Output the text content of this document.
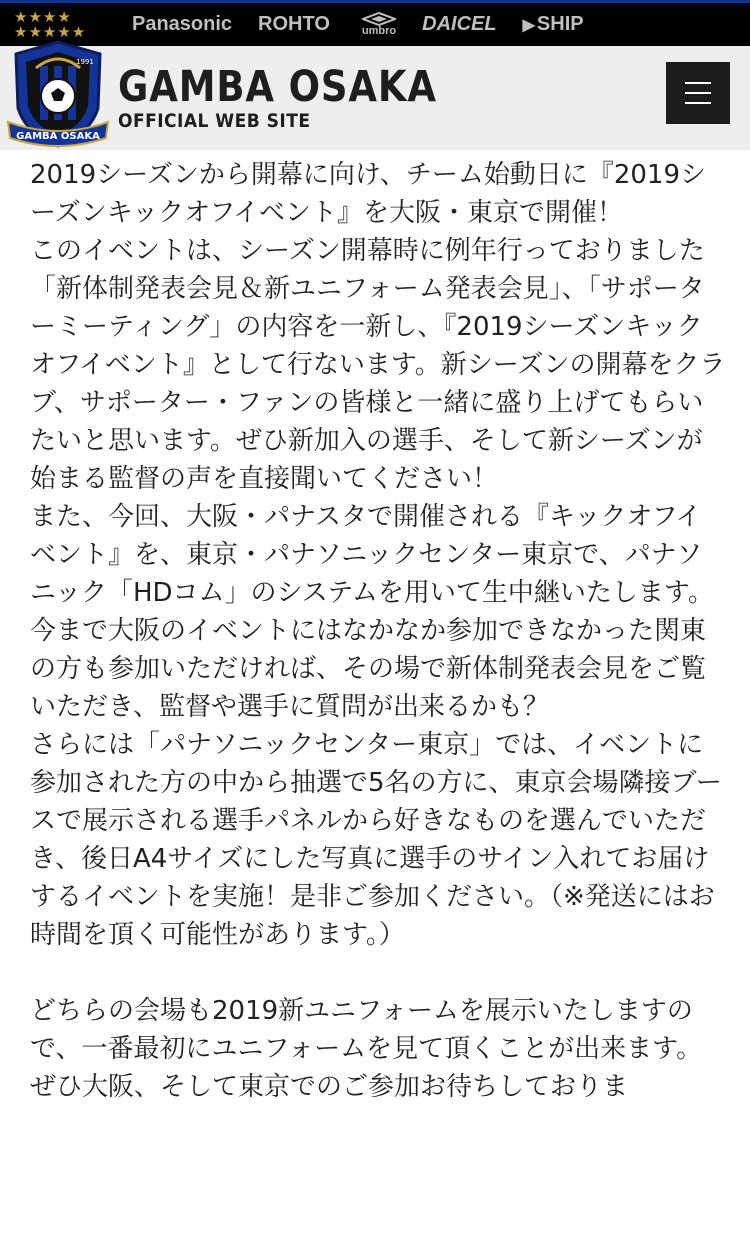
★★★★
★★★★★	Panasonic ROHTO	umbro DAICEL ▶ SHIP
GAMBA OSAKA
1991 GAMBA OSAKA
OFFICIAL WEB SITE

2019シーズンから開幕に向け、チーム始動日に『2019シーズンキックオフイベント』を大阪・東京で開催！

このイベントは、シーズン開幕時に例年行っておりました「新体制発表会見＆新ユニフォーム発表会見」、「サポーターミーティング」の内容を一新し、『2019シーズンキックオフイベント』として行ないます。新シーズンの開幕をクラブ、サポーター・ファンの皆様と一緒に盛り上げてもらいたいと思います。ぜひ新加入の選手、そして新シーズンが始まる監督の声を直接聞いてください！

また、今回、大阪・パナスタで開催される『キックオフイベント』を、東京・パナソニックセンター東京で、パナソニック「HDコム」のシステムを用いて生中継いたします。

今まで大阪のイベントにはなかなか参加できなかった関東の方も参加いただければ、その場で新体制発表会見をご覧いただき、監督や選手に質問が出来るかも？

さらには「パナソニックセンター東京」では、イベントに参加された方の中から抽選で5名の方に、東京会場隣接ブースで展示される選手パネルから好きなものを選んでいただき、後日A4サイズにした写真に選手のサイン入れてお届けするイベントを実施！是非ご参加ください。（※発送にはお時間を頂く可能性があります。）

どちらの会場も2019新ユニフォームを展示いたしますので、一番最初にユニフォームを見て頂くことが出来ます。

ぜひ大阪、そして東京でのご参加お待ちしておりま
